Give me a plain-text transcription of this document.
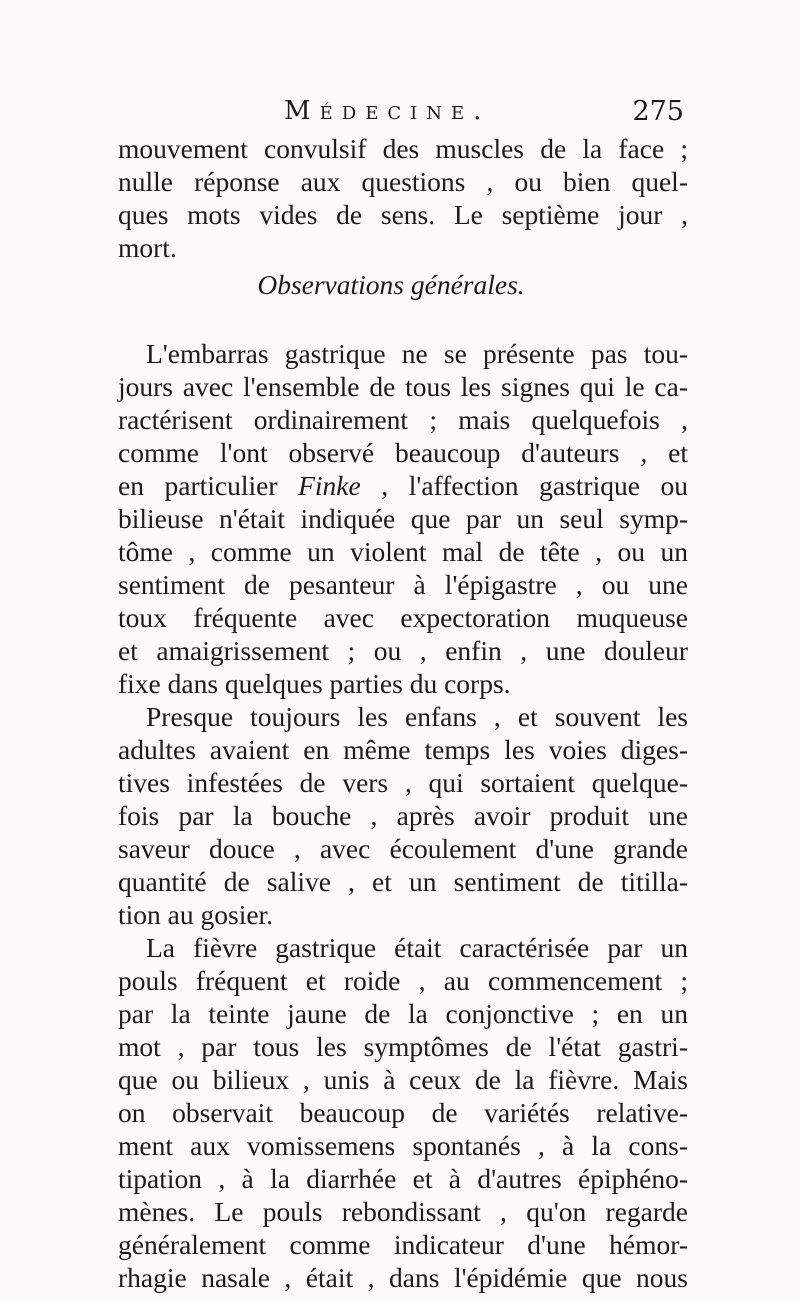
Médecine.	275
mouvement convulsif des muscles de la face ;
nulle réponse aux questions , ou bien quel-
ques mots vides de sens. Le septième jour ,
mort.
Observations générales.
L'embarras gastrique ne se présente pas tou-
jours avec l'ensemble de tous les signes qui le ca-
ractérisent ordinairement ; mais quelquefois ,
comme l'ont observé beaucoup d'auteurs , et
en particulier Finke , l'affection gastrique ou
bilieuse n'était indiquée que par un seul symp-
tôme , comme un violent mal de tête , ou un
sentiment de pesanteur à l'épigastre , ou une
toux fréquente avec expectoration muqueuse
et amaigrissement ; ou , enfin , une douleur
fixe dans quelques parties du corps.
Presque toujours les enfans , et souvent les
adultes avaient en même temps les voies diges-
tives infestées de vers , qui sortaient quelque-
fois par la bouche , après avoir produit une
saveur douce , avec écoulement d'une grande
quantité de salive , et un sentiment de titilla-
tion au gosier.
La fièvre gastrique était caractérisée par un
pouls fréquent et roide , au commencement ;
par la teinte jaune de la conjonctive ; en un
mot , par tous les symptômes de l'état gastri-
que ou bilieux , unis à ceux de la fièvre. Mais
on observait beaucoup de variétés relative-
ment aux vomissemens spontanés , à la cons-
tipation , à la diarrhée et à d'autres épiphéno-
mènes. Le pouls rebondissant , qu'on regarde
généralement comme indicateur d'une hémor-
rhagie nasale , était , dans l'épidémie que nous
